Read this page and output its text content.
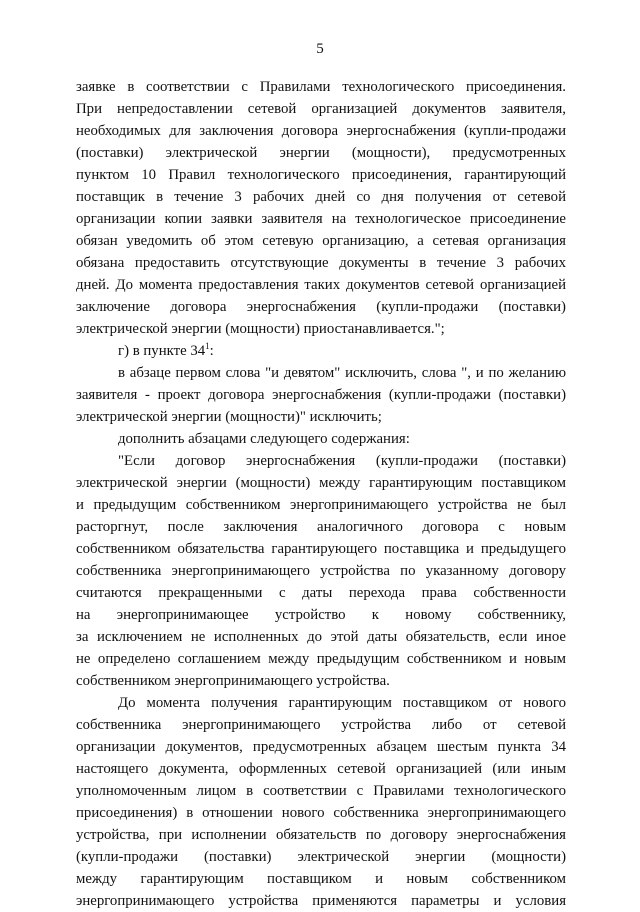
5
заявке в соответствии с Правилами технологического присоединения.
При непредоставлении сетевой организацией документов заявителя,
необходимых для заключения договора энергоснабжения (купли-продажи
(поставки) электрической энергии (мощности), предусмотренных
пунктом 10 Правил технологического присоединения, гарантирующий
поставщик в течение 3 рабочих дней со дня получения от сетевой
организации копии заявки заявителя на технологическое присоединение
обязан уведомить об этом сетевую организацию, а сетевая организация
обязана предоставить отсутствующие документы в течение 3 рабочих
дней. До момента предоставления таких документов сетевой организацией
заключение договора энергоснабжения (купли-продажи (поставки)
электрической энергии (мощности) приостанавливается.";
г) в пункте $34^1$:
в абзаце первом слова "и девятом" исключить, слова ", и по желанию
заявителя - проект договора энергоснабжения (купли-продажи (поставки)
электрической энергии (мощности)" исключить;
дополнить абзацами следующего содержания:
"Если договор энергоснабжения (купли-продажи (поставки)
электрической энергии (мощности) между гарантирующим поставщиком
и предыдущим собственником энергопринимающего устройства не был
расторгнут, после заключения аналогичного договора с новым
собственником обязательства гарантирующего поставщика и предыдущего
собственника энергопринимающего устройства по указанному договору
считаются прекращенными с даты перехода права собственности
на энергопринимающее устройство к новому собственнику,
за исключением не исполненных до этой даты обязательств, если иное
не определено соглашением между предыдущим собственником и новым
собственником энергопринимающего устройства.
До момента получения гарантирующим поставщиком от нового
собственника энергопринимающего устройства либо от сетевой
организации документов, предусмотренных абзацем шестым пункта 34
настоящего документа, оформленных сетевой организацией (или иным
уполномоченным лицом в соответствии с Правилами технологического
присоединения) в отношении нового собственника энергопринимающего
устройства, при исполнении обязательств по договору энергоснабжения
(купли-продажи (поставки) электрической энергии (мощности)
между гарантирующим поставщиком и новым собственником
энергопринимающего устройства применяются параметры и условия
